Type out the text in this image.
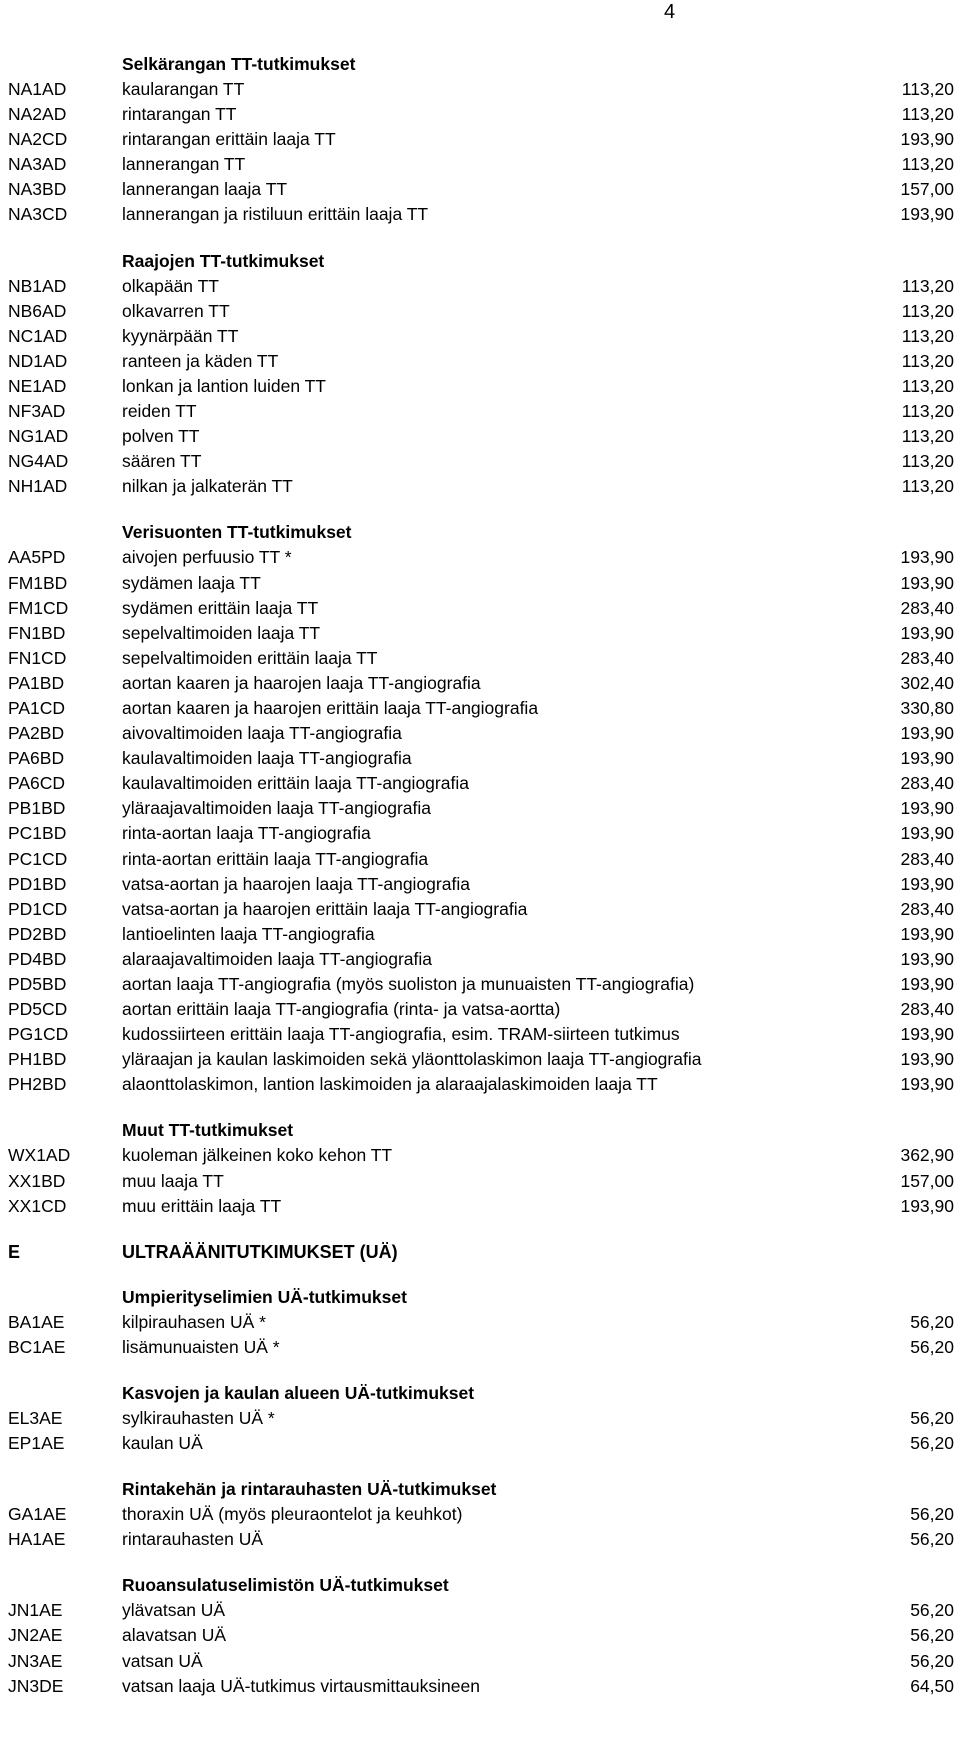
4
Selkärangan TT-tutkimukset
NA1AD	kaularangan TT	113,20
NA2AD	rintarangan TT	113,20
NA2CD	rintarangan erittäin laaja TT	193,90
NA3AD	lannerangan TT	113,20
NA3BD	lannerangan laaja TT	157,00
NA3CD	lannerangan ja ristiluun erittäin laaja TT	193,90
Raajojen TT-tutkimukset
NB1AD	olkapään TT	113,20
NB6AD	olkavarren TT	113,20
NC1AD	kyynärpään TT	113,20
ND1AD	ranteen ja käden TT	113,20
NE1AD	lonkan ja lantion luiden TT	113,20
NF3AD	reiden TT	113,20
NG1AD	polven TT	113,20
NG4AD	säären TT	113,20
NH1AD	nilkan ja jalkaterän TT	113,20
Verisuonten TT-tutkimukset
AA5PD	aivojen perfuusio TT *	193,90
FM1BD	sydämen laaja TT	193,90
FM1CD	sydämen erittäin laaja TT	283,40
FN1BD	sepelvaltimoiden laaja TT	193,90
FN1CD	sepelvaltimoiden erittäin laaja TT	283,40
PA1BD	aortan kaaren ja haarojen laaja TT-angiografia	302,40
PA1CD	aortan kaaren ja haarojen erittäin laaja TT-angiografia	330,80
PA2BD	aivovaltimoiden laaja TT-angiografia	193,90
PA6BD	kaulavaltimoiden laaja TT-angiografia	193,90
PA6CD	kaulavaltimoiden erittäin laaja TT-angiografia	283,40
PB1BD	yläraajavaltimoiden laaja TT-angiografia	193,90
PC1BD	rinta-aortan laaja TT-angiografia	193,90
PC1CD	rinta-aortan erittäin laaja TT-angiografia	283,40
PD1BD	vatsa-aortan ja haarojen laaja TT-angiografia	193,90
PD1CD	vatsa-aortan ja haarojen erittäin laaja TT-angiografia	283,40
PD2BD	lantioelinten laaja TT-angiografia	193,90
PD4BD	alaraajavaltimoiden laaja TT-angiografia	193,90
PD5BD	aortan laaja TT-angiografia (myös suoliston ja munuaisten TT-angiografia)	193,90
PD5CD	aortan erittäin laaja TT-angiografia (rinta- ja vatsa-aortta)	283,40
PG1CD	kudossiirteen erittäin laaja TT-angiografia, esim. TRAM-siirteen tutkimus	193,90
PH1BD	yläraajan ja kaulan laskimoiden sekä yläonttolaskimon laaja TT-angiografia	193,90
PH2BD	alaonttolaskimon, lantion laskimoiden ja alaraajalaskimoiden laaja TT	193,90
Muut TT-tutkimukset
WX1AD	kuoleman jälkeinen koko kehon TT	362,90
XX1BD	muu laaja TT	157,00
XX1CD	muu erittäin laaja TT	193,90
E	ULTRAÄÄNITUTKIMUKSET (UÄ)
Umpierityselimien UÄ-tutkimukset
BA1AE	kilpirauhasen UÄ *	56,20
BC1AE	lisämunuaisten UÄ *	56,20
Kasvojen ja kaulan alueen UÄ-tutkimukset
EL3AE	sylkirauhasten UÄ *	56,20
EP1AE	kaulan UÄ	56,20
Rintakehän ja rintarauhasten UÄ-tutkimukset
GA1AE	thoraxin UÄ (myös pleuraontelot ja keuhkot)	56,20
HA1AE	rintarauhasten UÄ	56,20
Ruoansulatuselimistön UÄ-tutkimukset
JN1AE	ylävatsan UÄ	56,20
JN2AE	alavatsan UÄ	56,20
JN3AE	vatsan UÄ	56,20
JN3DE	vatsan laaja UÄ-tutkimus virtausmittauksineen	64,50
